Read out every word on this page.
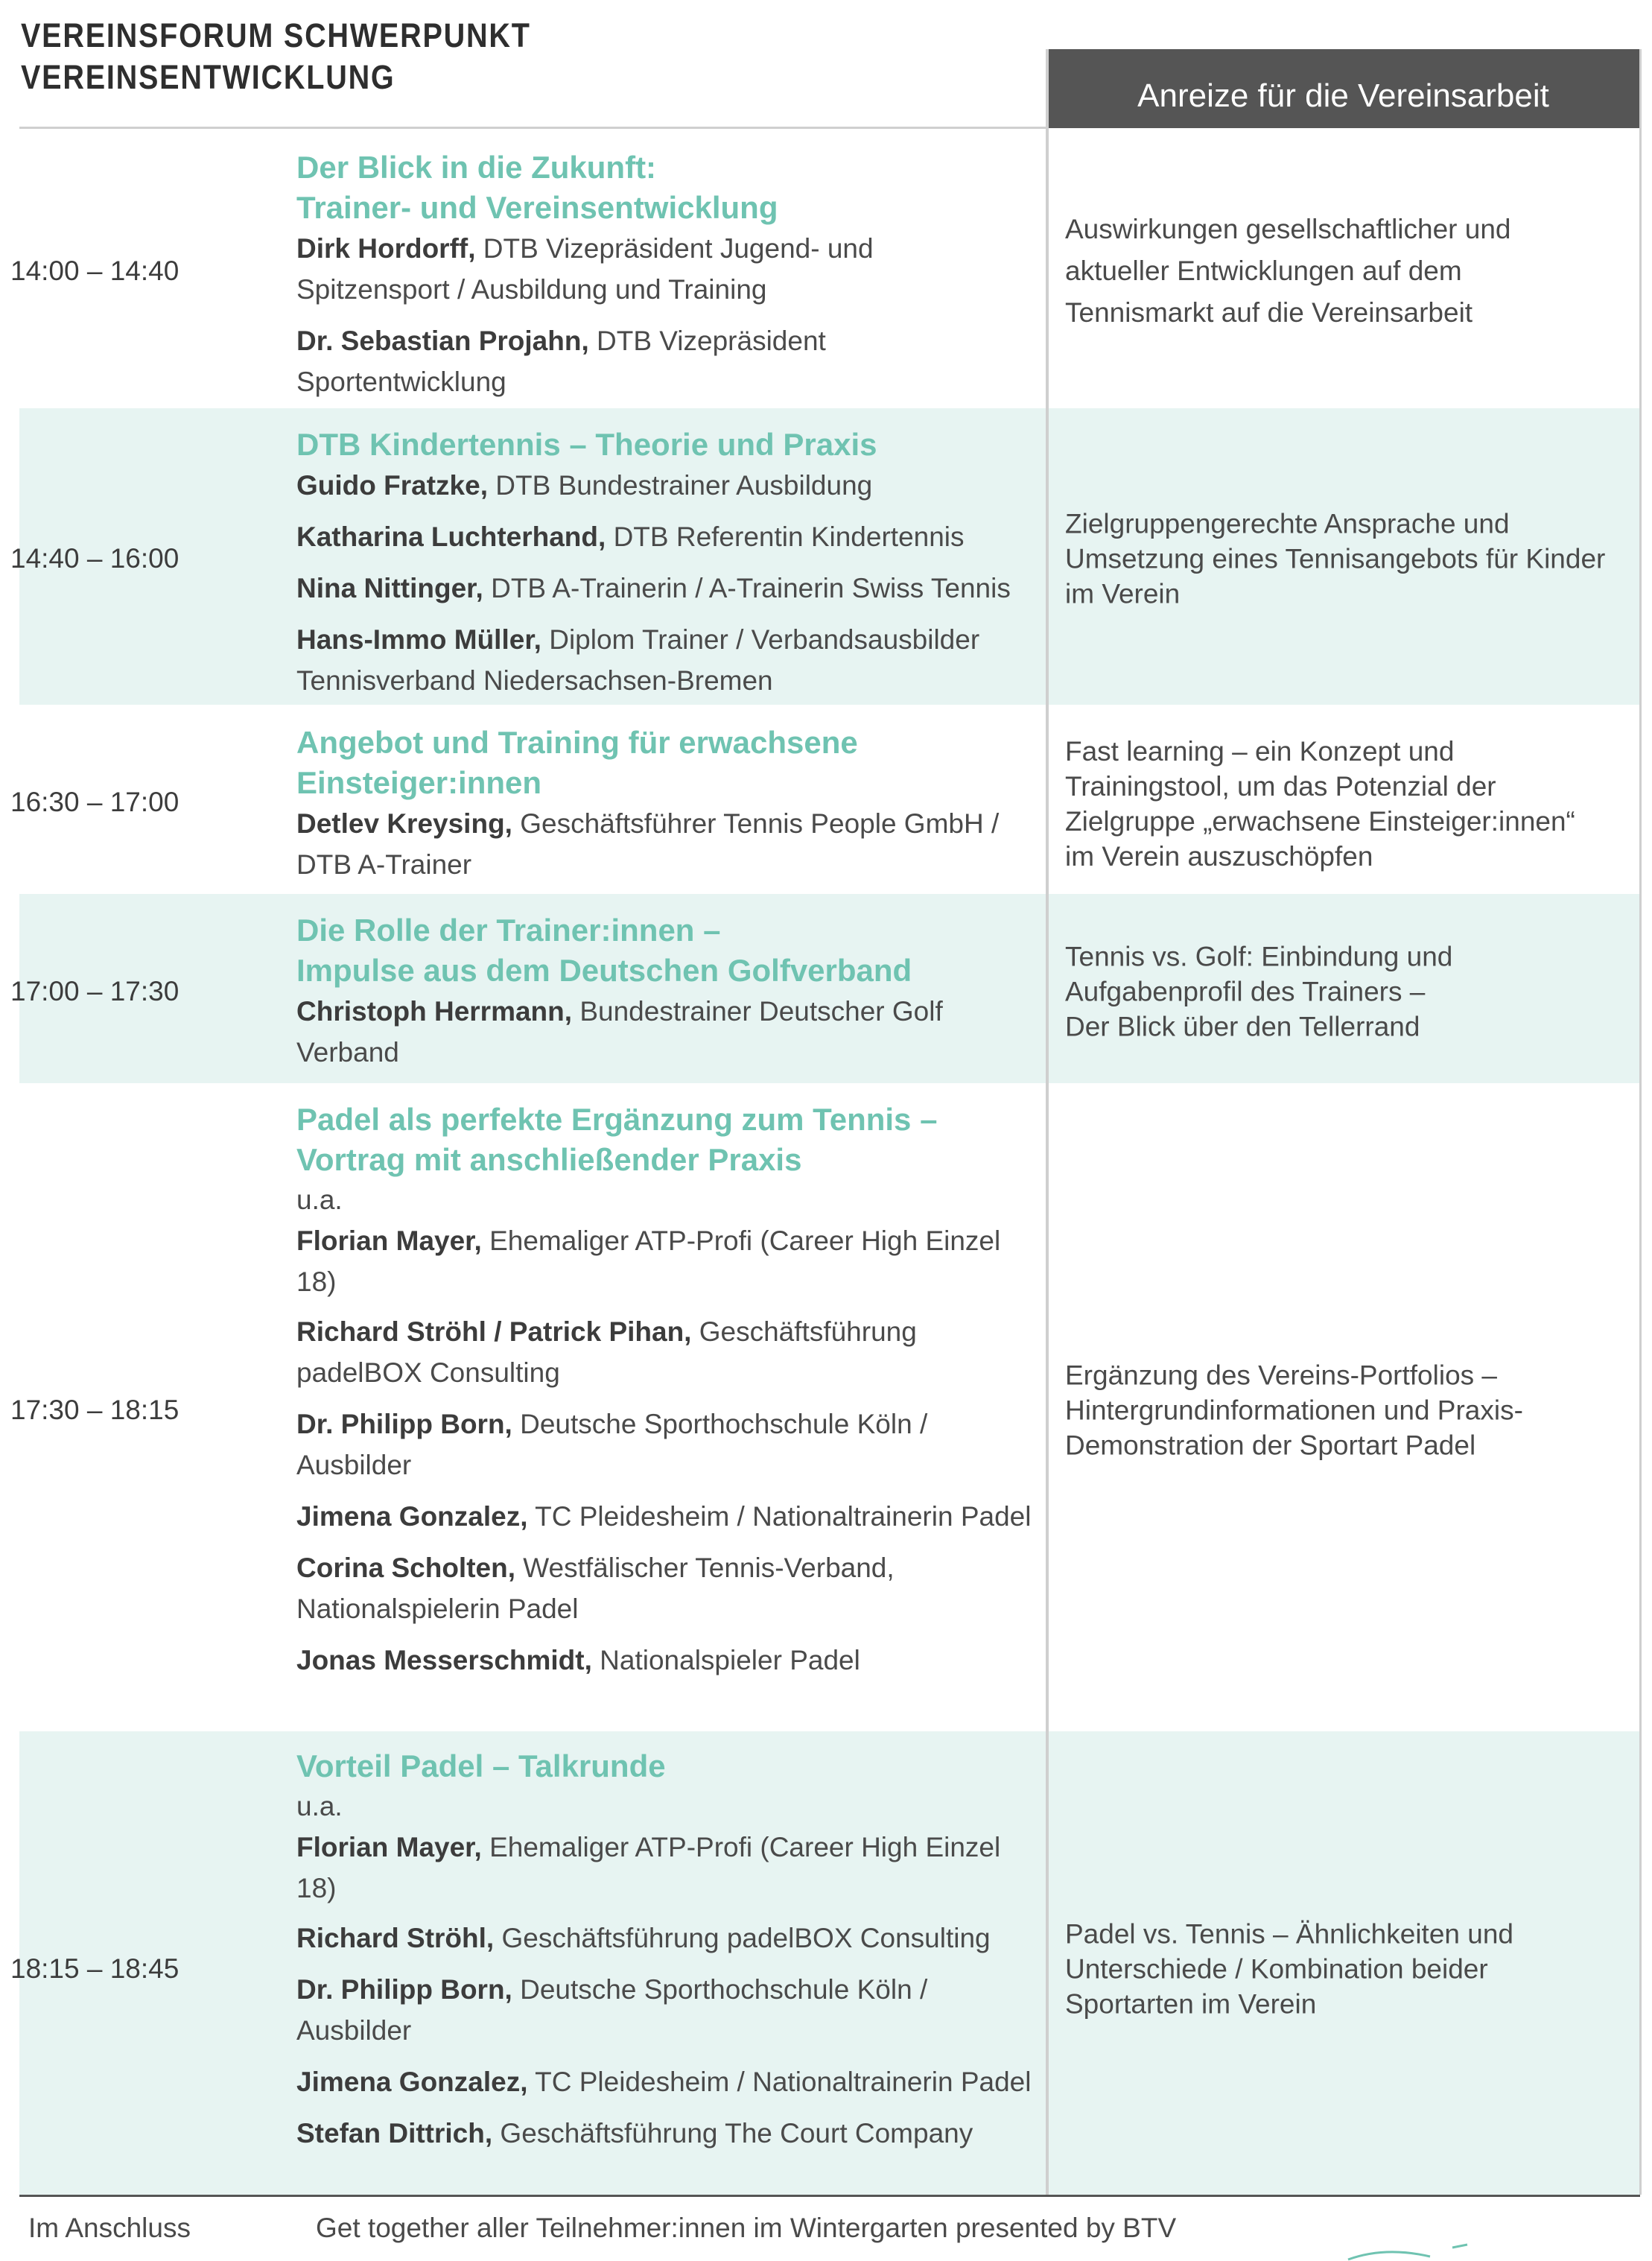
VEREINSFORUM SCHWERPUNKT
VEREINSENTWICKLUNG	Anreize für die Vereinsarbeit
14:00 – 14:40
Der Blick in die Zukunft:
Trainer- und Vereinsentwicklung
Dirk Hordorff, DTB Vizepräsident Jugend- und Spitzensport / Ausbildung und Training
Dr. Sebastian Projahn, DTB Vizepräsident Sportentwicklung
Auswirkungen gesellschaftlicher und
aktueller Entwicklungen auf dem
Tennismarkt auf die Vereinsarbeit
14:40 – 16:00
DTB Kindertennis – Theorie und Praxis
Guido Fratzke, DTB Bundestrainer Ausbildung
Katharina Luchterhand, DTB Referentin Kindertennis
Nina Nittinger, DTB A-Trainerin / A-Trainerin Swiss Tennis
Hans-Immo Müller, Diplom Trainer / Verbandsausbilder Tennisverband Niedersachsen-Bremen
Zielgruppengerechte Ansprache und
Umsetzung eines Tennisangebots für Kinder
im Verein
16:30 – 17:00
Angebot und Training für erwachsene
Einsteiger:innen
Detlev Kreysing, Geschäftsführer Tennis People GmbH / DTB A-Trainer
Fast learning – ein Konzept und
Trainingstool, um das Potenzial der
Zielgruppe „erwachsene Einsteiger:innen“
im Verein auszuschöpfen
17:00 – 17:30
Die Rolle der Trainer:innen –
Impulse aus dem Deutschen Golfverband
Christoph Herrmann, Bundestrainer Deutscher Golf Verband
Tennis vs. Golf: Einbindung und
Aufgabenprofil des Trainers –
Der Blick über den Tellerrand
17:30 – 18:15
Padel als perfekte Ergänzung zum Tennis –
Vortrag mit anschließender Praxis
u.a.
Florian Mayer, Ehemaliger ATP-Profi (Career High Einzel 18)
Richard Ströhl / Patrick Pihan, Geschäftsführung padelBOX Consulting
Dr. Philipp Born, Deutsche Sporthochschule Köln / Ausbilder
Jimena Gonzalez, TC Pleidesheim / Nationaltrainerin Padel
Corina Scholten, Westfälischer Tennis-Verband, Nationalspielerin Padel
Jonas Messerschmidt, Nationalspieler Padel
Ergänzung des Vereins-Portfolios –
Hintergrundinformationen und Praxis-
Demonstration der Sportart Padel
18:15 – 18:45
Vorteil Padel – Talkrunde
u.a.
Florian Mayer, Ehemaliger ATP-Profi (Career High Einzel 18)
Richard Ströhl, Geschäftsführung padelBOX Consulting
Dr. Philipp Born, Deutsche Sporthochschule Köln / Ausbilder
Jimena Gonzalez, TC Pleidesheim / Nationaltrainerin Padel
Stefan Dittrich, Geschäftsführung The Court Company
Padel vs. Tennis – Ähnlichkeiten und
Unterschiede / Kombination beider
Sportarten im Verein
Im Anschluss	Get together aller Teilnehmer:innen im Wintergarten presented by BTV
